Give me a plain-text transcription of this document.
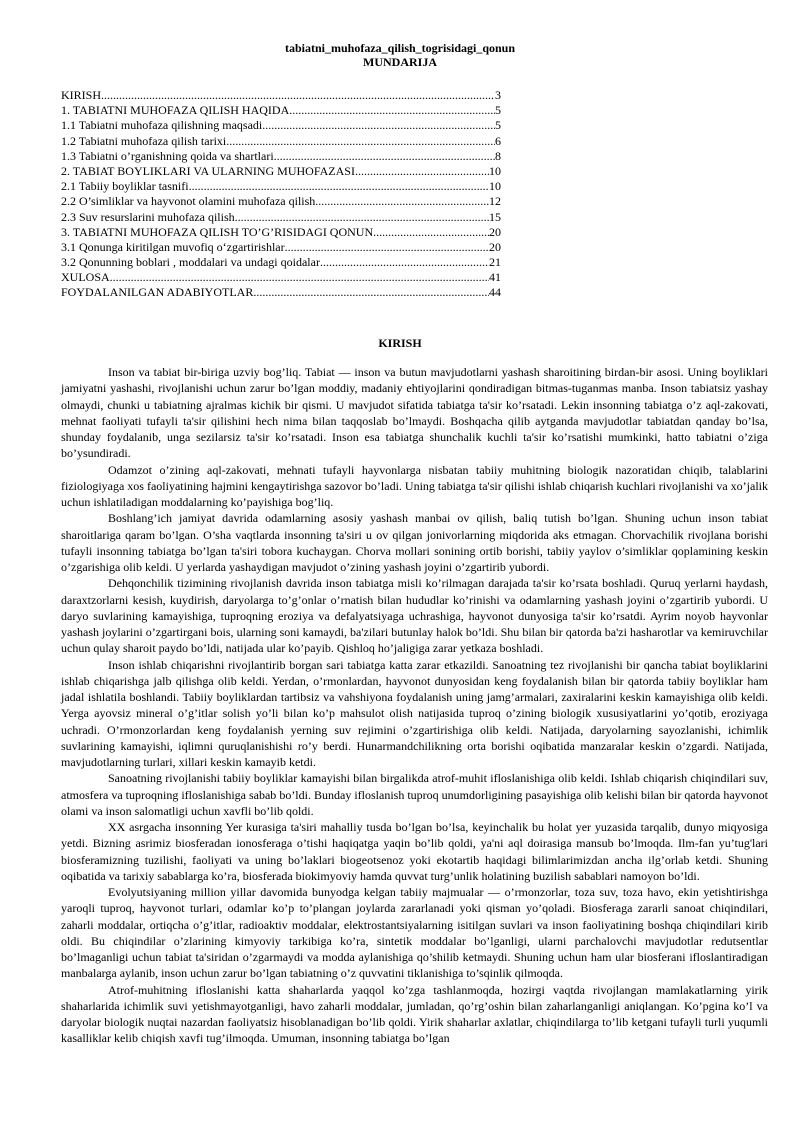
tabiatni_muhofaza_qilish_togrisidagi_qonun
MUNDARIJA
KIRISH .....	3
1. TABIATNI MUHOFAZA QILISH HAQIDA .....	5
1.1 Tabiatni muhofaza qilishning maqsadi .....	5
1.2 Tabiatni muhofaza qilish tarixi .....	6
1.3 Tabiatni o’rganishning qoida va shartlari .....	8
2. TABIAT BOYLIKLARI VA ULARNING MUHOFAZASI .....	10
2.1 Tabiiy boyliklar tasnifi .....	10
2.2 O’simliklar va hayvonot olamini muhofaza qilish .....	12
2.3 Suv resurslarini muhofaza qilish .....	15
3. TABIATNI MUHOFAZA QILISH TO’G’RISIDAGI QONUN .....	20
3.1 Qonunga kiritilgan muvofiq o‘zgartirishlar .....	20
3.2 Qonunning boblari , moddalari va undagi qoidalar .....	21
XULOSA .....	41
FOYDALANILGAN ADABIYOTLAR .....	44
KIRISH

Inson va tabiat bir-biriga uzviy bog’liq. Tabiat — inson va butun mavjudotlarni yashash sharoitining birdan-bir asosi. Uning boyliklari jamiyatni yashashi, rivojlanishi uchun zarur bo’lgan moddiy, madaniy ehtiyojlarini qondiradigan bitmas-tuganmas manba. Inson tabiatsiz yashay olmaydi, chunki u tabiatning ajralmas kichik bir qismi. U mavjudot sifatida tabiatga ta'sir ko’rsatadi. Lekin insonning tabiatga o’z aql-zakovati, mehnat faoliyati tufayli ta'sir qilishini hech nima bilan taqqoslab bo’lmaydi. Boshqacha qilib aytganda mavjudotlar tabiatdan qanday bo’lsa, shunday foydalanib, unga sezilarsiz ta'sir ko’rsatadi. Inson esa tabiatga shunchalik kuchli ta'sir ko’rsatishi mumkinki, hatto tabiatni o’ziga bo’ysundiradi.

Odamzot o’zining aql-zakovati, mehnati tufayli hayvonlarga nisbatan tabiiy muhitning biologik nazoratidan chiqib, talablarini fiziologiyaga xos faoliyatining hajmini kengaytirishga sazovor bo’ladi. Uning tabiatga ta'sir qilishi ishlab chiqarish kuchlari rivojlanishi va xo’jalik uchun ishlatiladigan moddalarning ko’payishiga bog’liq.

Boshlang’ich jamiyat davrida odamlarning asosiy yashash manbai ov qilish, baliq tutish bo’lgan. Shuning uchun inson tabiat sharoitlariga qaram bo’lgan. O’sha vaqtlarda insonning ta'siri u ov qilgan jonivorlarning miqdorida aks etmagan. Chorvachilik rivojlana borishi tufayli insonning tabiatga bo’lgan ta'siri tobora kuchaygan. Chorva mollari sonining ortib borishi, tabiiy yaylov o’simliklar qoplamining keskin o’zgarishiga olib keldi. U yerlarda yashaydigan mavjudot o’zining yashash joyini o’zgartirib yubordi.

Dehqonchilik tizimining rivojlanish davrida inson tabiatga misli ko’rilmagan darajada ta'sir ko’rsata boshladi. Quruq yerlarni haydash, daraxtzorlarni kesish, kuydirish, daryolarga to’g’onlar o’rnatish bilan hududlar ko’rinishi va odamlarning yashash joyini o’zgartirib yubordi. U daryo suvlarining kamayishiga, tuproqning eroziya va defalyatsiyaga uchrashiga, hayvonot dunyosiga ta'sir ko’rsatdi. Ayrim noyob hayvonlar yashash joylarini o’zgartirgani bois, ularning soni kamaydi, ba'zilari butunlay halok bo’ldi. Shu bilan bir qatorda ba'zi hasharotlar va kemiruvchilar uchun qulay sharoit paydo bo’ldi, natijada ular ko’payib. Qishloq ho’jaligiga zarar yetkaza boshladi.

Inson ishlab chiqarishni rivojlantirib borgan sari tabiatga katta zarar etkazildi. Sanoatning tez rivojlanishi bir qancha tabiat boyliklarini ishlab chiqarishga jalb qilishga olib keldi. Yerdan, o’rmonlardan, hayvonot dunyosidan keng foydalanish bilan bir qatorda tabiiy boyliklar ham jadal ishlatila boshlandi. Tabiiy boyliklardan tartibsiz va vahshiyona foydalanish uning jamg’armalari, zaxiralarini keskin kamayishiga olib keldi. Yerga ayovsiz mineral o’g’itlar solish yo’li bilan ko’p mahsulot olish natijasida tuproq o’zining biologik xususiyatlarini yo’qotib, eroziyaga uchradi. O’rmonzorlardan keng foydalanish yerning suv rejimini o’zgartirishiga olib keldi. Natijada, daryolarning sayozlanishi, ichimlik suvlarining kamayishi, iqlimni quruqlanishishi ro’y berdi. Hunarmandchilikning orta borishi oqibatida manzaralar keskin o’zgardi. Natijada, mavjudotlarning turlari, xillari keskin kamayib ketdi.

Sanoatning rivojlanishi tabiiy boyliklar kamayishi bilan birgalikda atrof-muhit ifloslanishiga olib keldi. Ishlab chiqarish chiqindilari suv, atmosfera va tuproqning ifloslanishiga sabab bo’ldi. Bunday ifloslanish tuproq unumdorligining pasayishiga olib kelishi bilan bir qatorda hayvonot olami va inson salomatligi uchun xavfli bo’lib qoldi.

XX asrgacha insonning Yer kurasiga ta'siri mahalliy tusda bo’lgan bo’lsa, keyinchalik bu holat yer yuzasida tarqalib, dunyo miqyosiga yetdi. Bizning asrimiz biosferadan ionosferaga o’tishi haqiqatga yaqin bo’lib qoldi, ya'ni aql doirasiga mansub bo’lmoqda. Ilm-fan yu’tug'lari biosferamizning tuzilishi, faoliyati va uning bo’laklari biogeotsenoz yoki ekotartib haqidagi bilimlarimizdan ancha ilg’orlab ketdi. Shuning oqibatida va tarixiy sabablarga ko’ra, biosferada biokimyoviy hamda quvvat turg’unlik holatining buzilish sabablari namoyon bo’ldi.

Evolyutsiyaning million yillar davomida bunyodga kelgan tabiiy majmualar — o’rmonzorlar, toza suv, toza havo, ekin yetishtirishga yaroqli tuproq, hayvonot turlari, odamlar ko’p to’plangan joylarda zararlanadi yoki qisman yo’qoladi. Biosferaga zararli sanoat chiqindilari, zaharli moddalar, ortiqcha o’g’itlar, radioaktiv moddalar, elektrostantsiyalarning isitilgan suvlari va inson faoliyatining boshqa chiqindilari kirib oldi. Bu chiqindilar o’zlarining kimyoviy tarkibiga ko’ra, sintetik moddalar bo’lganligi, ularni parchalovchi mavjudotlar redutsentlar bo’lmaganligi uchun tabiat ta'siridan o’zgarmaydi va modda aylanishiga qo’shilib ketmaydi. Shuning uchun ham ular biosferani ifloslantiradigan manbalarga aylanib, inson uchun zarur bo’lgan tabiatning o’z quvvatini tiklanishiga to’sqinlik qilmoqda.

Atrof-muhitning ifloslanishi katta shaharlarda yaqqol ko’zga tashlanmoqda, hozirgi vaqtda rivojlangan mamlakatlarning yirik shaharlarida ichimlik suvi yetishmayotganligi, havo zaharli moddalar, jumladan, qo’rg’oshin bilan zaharlanganligi aniqlangan. Ko’pgina ko’l va daryolar biologik nuqtai nazardan faoliyatsiz hisoblanadigan bo’lib qoldi. Yirik shaharlar axlatlar, chiqindilarga to’lib ketgani tufayli turli yuqumli kasalliklar kelib chiqish xavfi tug’ilmoqda. Umuman, insonning tabiatga bo’lgan
